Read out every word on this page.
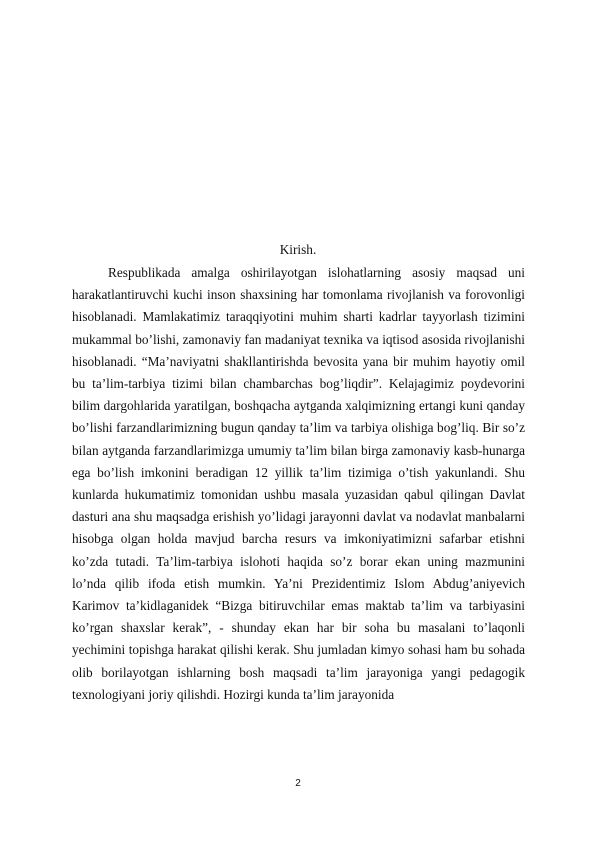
Kirish.

Respublikada amalga oshirilayotgan islohatlarning asosiy maqsad uni harakatlantiruvchi kuchi inson shaxsining har tomonlama rivojlanish va forovonligi hisoblanadi. Mamlakatimiz taraqqiyotini muhim sharti kadrlar tayyorlash tizimini mukammal bo’lishi, zamonaviy fan madaniyat texnika va iqtisod asosida rivojlanishi hisoblanadi. “Ma’naviyatni shakllantirishda bevosita yana bir muhim hayotiy omil bu ta’lim-tarbiya tizimi bilan chambarchas bog’liqdir”. Kelajagimiz poydevorini bilim dargohlarida yaratilgan, boshqacha aytganda xalqimizning ertangi kuni qanday bo’lishi farzandlarimizning bugun qanday ta’lim va tarbiya olishiga bog’liq. Bir so’z bilan aytganda farzandlarimizga umumiy ta’lim bilan birga zamonaviy kasb-hunarga ega bo’lish imkonini beradigan 12 yillik ta’lim tizimiga o’tish yakunlandi. Shu kunlarda hukumatimiz tomonidan ushbu masala yuzasidan qabul qilingan Davlat dasturi ana shu maqsadga erishish yo’lidagi jarayonni davlat va nodavlat manbalarni hisobga olgan holda mavjud barcha resurs va imkoniyatimizni safarbar etishni ko’zda tutadi. Ta’lim-tarbiya islohoti haqida so’z borar ekan uning mazmunini lo’nda qilib ifoda etish mumkin. Ya’ni Prezidentimiz Islom Abdug’aniyevich Karimov ta’kidlaganidek “Bizga bitiruvchilar emas maktab ta’lim va tarbiyasini ko’rgan shaxslar kerak”, - shunday ekan har bir soha bu masalani to’laqonli yechimini topishga harakat qilishi kerak. Shu jumladan kimyo sohasi ham bu sohada olib borilayotgan ishlarning bosh maqsadi ta’lim jarayoniga yangi pedagogik texnologiyani joriy qilishdi. Hozirgi kunda ta’lim jarayonida

2
